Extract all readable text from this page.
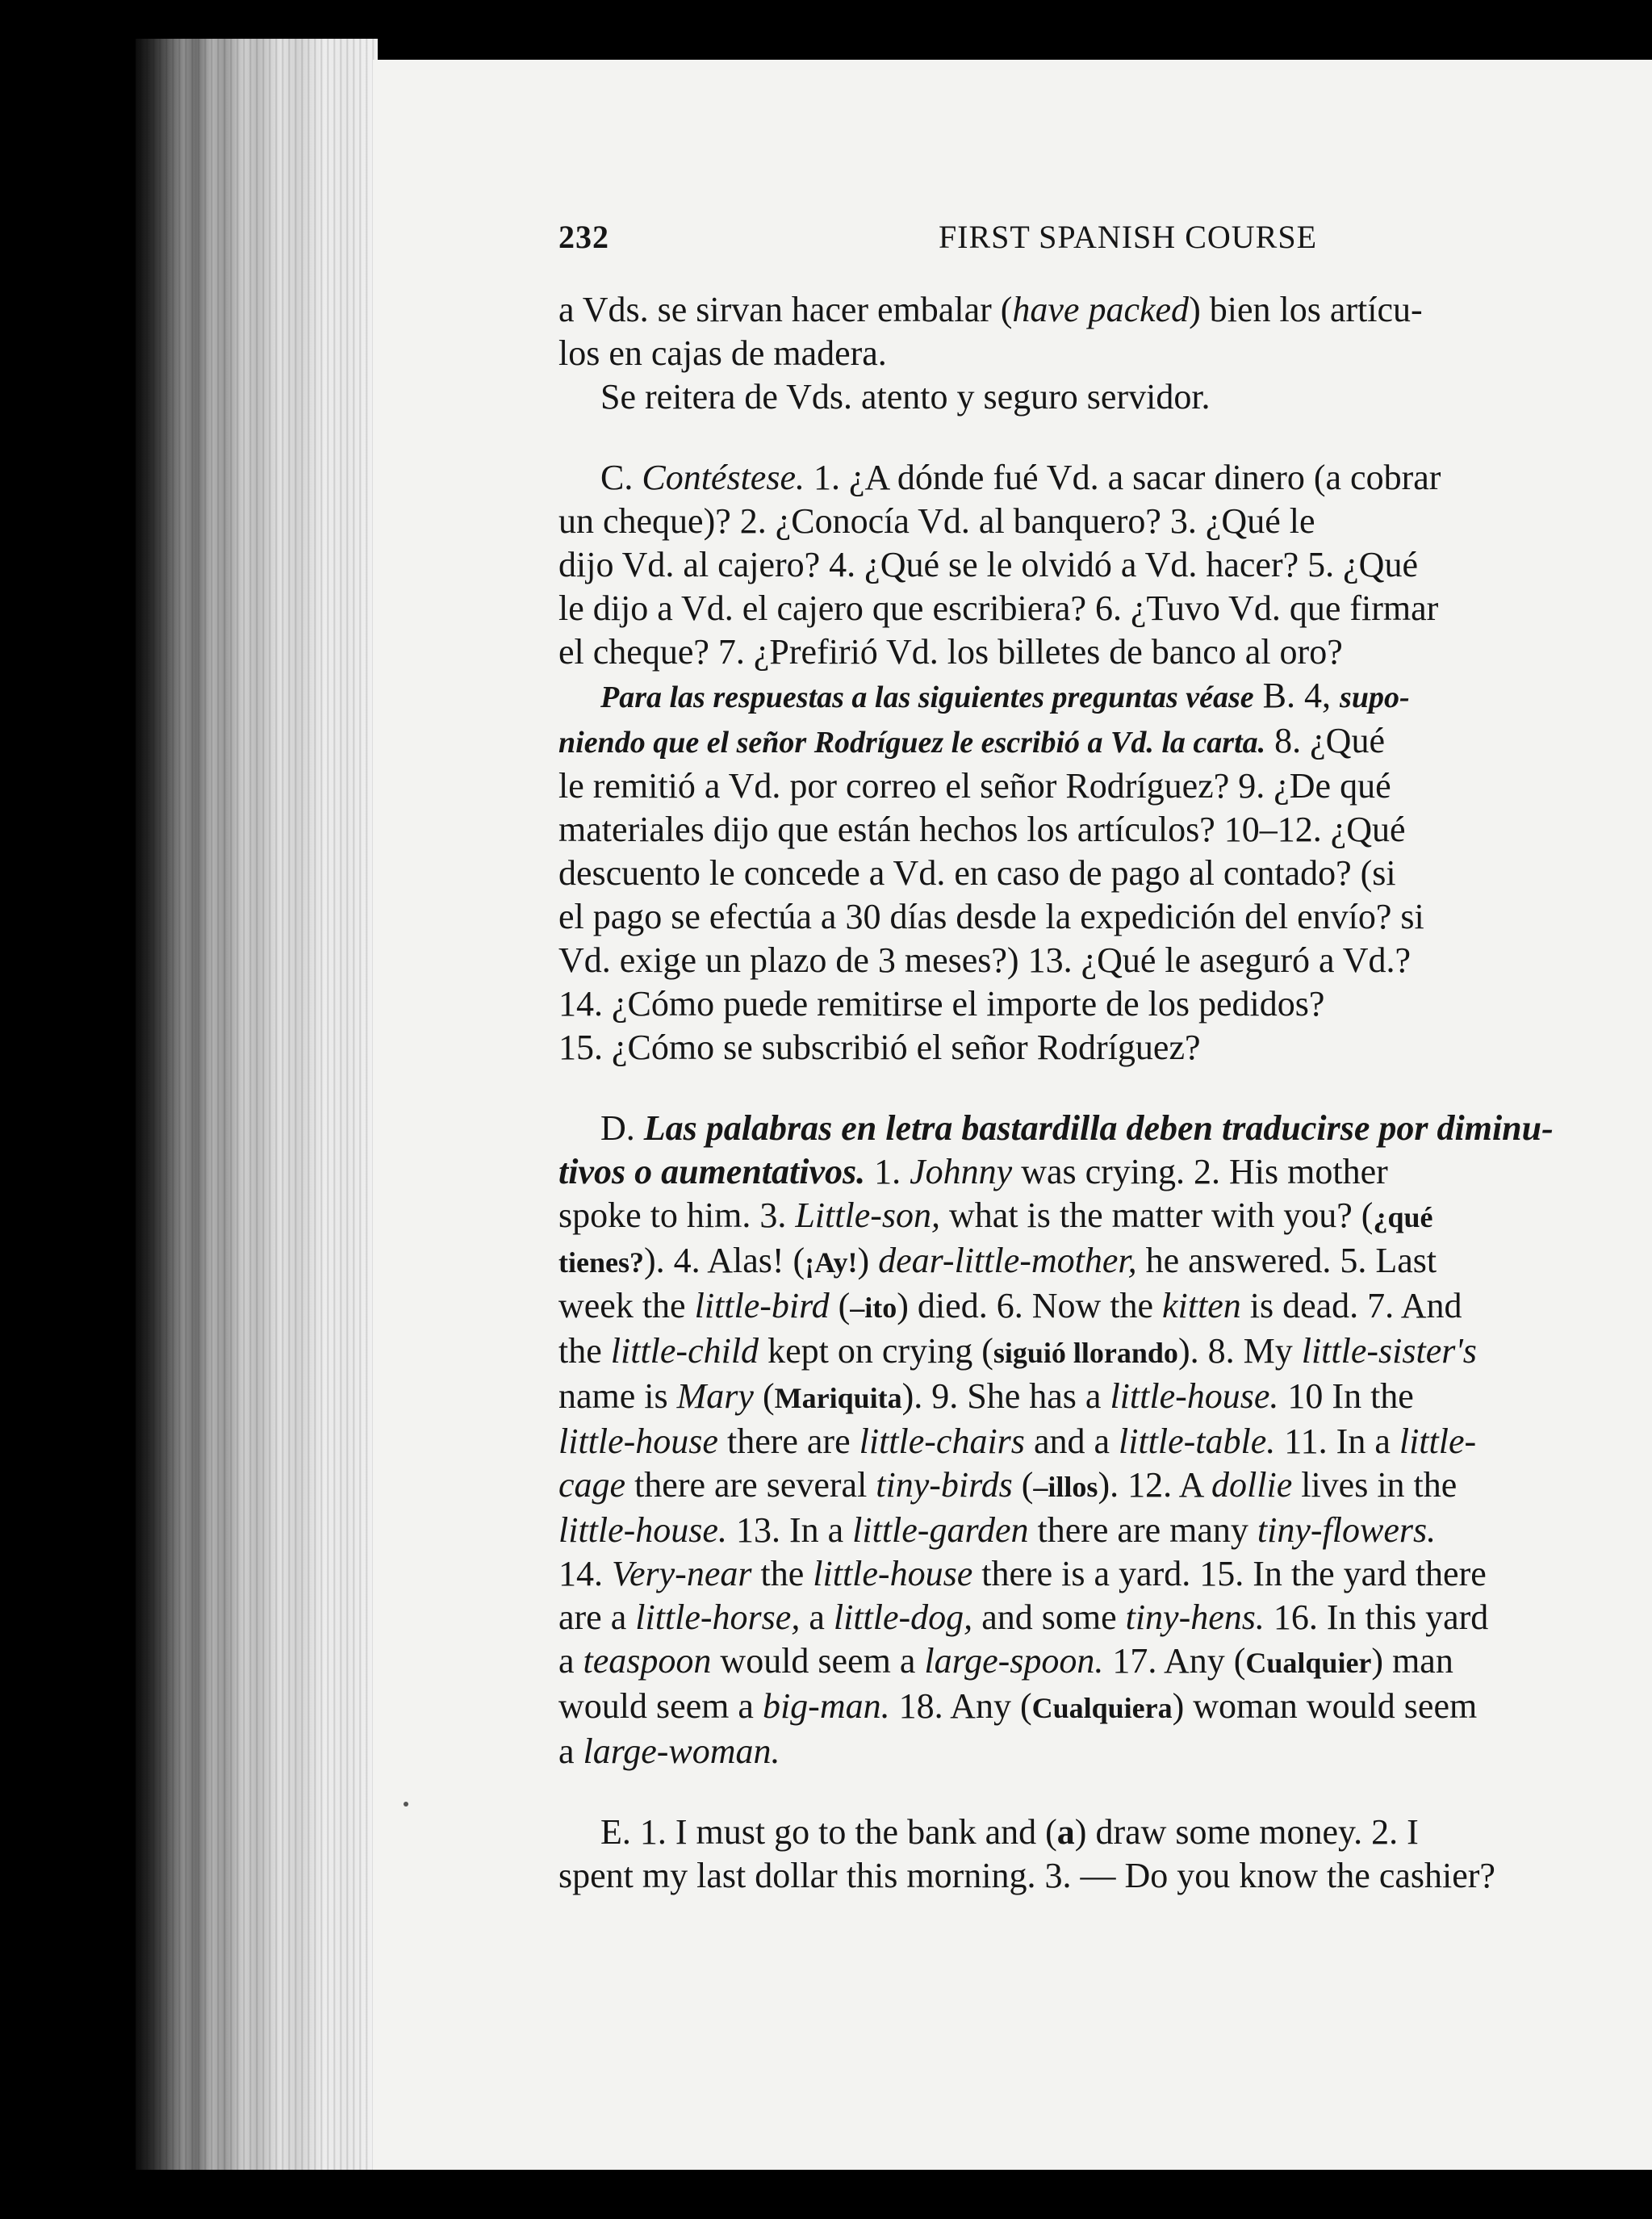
232	FIRST SPANISH COURSE
a Vds. se sirvan hacer embalar (have packed) bien los artícu-
los en cajas de madera.
Se reitera de Vds. atento y seguro servidor.
C. Contéstese. 1. ¿A dónde fué Vd. a sacar dinero (a cobrar
un cheque)? 2. ¿Conocía Vd. al banquero? 3. ¿Qué le
dijo Vd. al cajero? 4. ¿Qué se le olvidó a Vd. hacer? 5. ¿Qué
le dijo a Vd. el cajero que escribiera? 6. ¿Tuvo Vd. que firmar
el cheque? 7. ¿Prefirió Vd. los billetes de banco al oro?
Para las respuestas a las siguientes preguntas véase B. 4, supo-
niendo que el señor Rodríguez le escribió a Vd. la carta. 8. ¿Qué
le remitió a Vd. por correo el señor Rodríguez? 9. ¿De qué
materiales dijo que están hechos los artículos? 10–12. ¿Qué
descuento le concede a Vd. en caso de pago al contado? (si
el pago se efectúa a 30 días desde la expedición del envío? si
Vd. exige un plazo de 3 meses?) 13. ¿Qué le aseguró a Vd.?
14. ¿Cómo puede remitirse el importe de los pedidos?
15. ¿Cómo se subscribió el señor Rodríguez?
D. Las palabras en letra bastardilla deben traducirse por diminu-
tivos o aumentativos. 1. Johnny was crying. 2. His mother
spoke to him. 3. Little-son, what is the matter with you? (¿qué
tienes?). 4. Alas! (¡Ay!) dear-little-mother, he answered. 5. Last
week the little-bird (–ito) died. 6. Now the kitten is dead. 7. And
the little-child kept on crying (siguió llorando). 8. My little-sister's
name is Mary (Mariquita). 9. She has a little-house. 10 In the
little-house there are little-chairs and a little-table. 11. In a little-
cage there are several tiny-birds (–illos). 12. A dollie lives in the
little-house. 13. In a little-garden there are many tiny-flowers.
14. Very-near the little-house there is a yard. 15. In the yard there
are a little-horse, a little-dog, and some tiny-hens. 16. In this yard
a teaspoon would seem a large-spoon. 17. Any (Cualquier) man
would seem a big-man. 18. Any (Cualquiera) woman would seem
a large-woman.
E. 1. I must go to the bank and (a) draw some money. 2. I
spent my last dollar this morning. 3. — Do you know the cashier?
